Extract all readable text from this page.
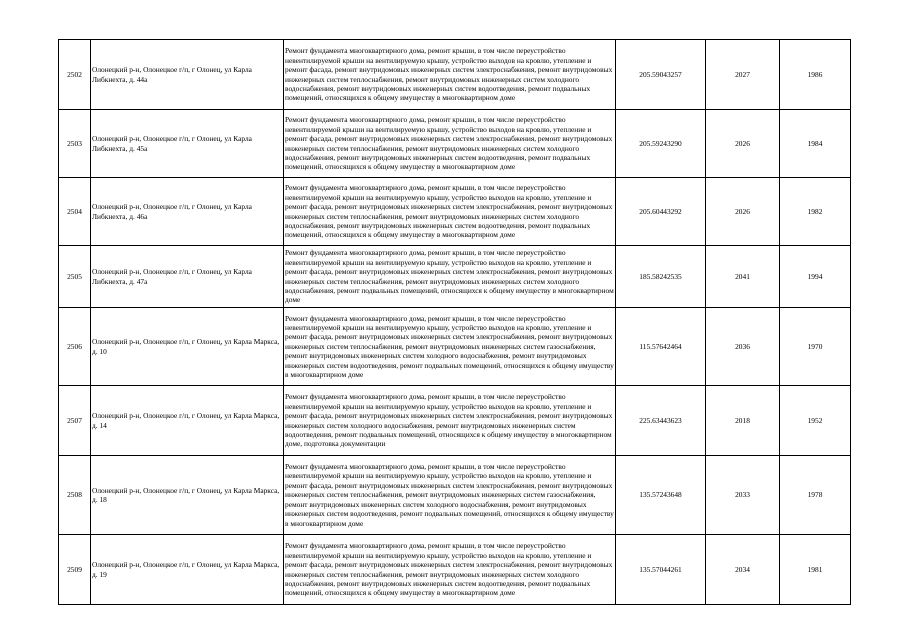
2502	Олонецкий р-н, Олонецкое г/п, г Олонец, ул Карла Либкнехта, д. 44а	Ремонт фундамента многоквартирного дома, ремонт крыши, в том числе переустройство невентилируемой крыши на вентилируемую крышу, устройство выходов на кровлю, утепление и ремонт фасада, ремонт внутридомовых инженерных систем электроснабжения, ремонт внутридомовых инженерных систем теплоснабжения, ремонт внутридомовых инженерных систем холодного водоснабжения, ремонт внутридомовых инженерных систем водоотведения, ремонт подвальных помещений, относящихся к общему имуществу в многоквартирном доме	205.59043257	2027	1986
2503	Олонецкий р-н, Олонецкое г/п, г Олонец, ул Карла Либкнехта, д. 45а	Ремонт фундамента многоквартирного дома, ремонт крыши, в том числе переустройство невентилируемой крыши на вентилируемую крышу, устройство выходов на кровлю, утепление и ремонт фасада, ремонт внутридомовых инженерных систем электроснабжения, ремонт внутридомовых инженерных систем теплоснабжения, ремонт внутридомовых инженерных систем холодного водоснабжения, ремонт внутридомовых инженерных систем водоотведения, ремонт подвальных помещений, относящихся к общему имуществу в многоквартирном доме	205.59243290	2026	1984
2504	Олонецкий р-н, Олонецкое г/п, г Олонец, ул Карла Либкнехта, д. 46а	Ремонт фундамента многоквартирного дома, ремонт крыши, в том числе переустройство невентилируемой крыши на вентилируемую крышу, устройство выходов на кровлю, утепление и ремонт фасада, ремонт внутридомовых инженерных систем электроснабжения, ремонт внутридомовых инженерных систем теплоснабжения, ремонт внутридомовых инженерных систем холодного водоснабжения, ремонт внутридомовых инженерных систем водоотведения, ремонт подвальных помещений, относящихся к общему имуществу в многоквартирном доме	205.60443292	2026	1982
2505	Олонецкий р-н, Олонецкое г/п, г Олонец, ул Карла Либкнехта, д. 47а	Ремонт фундамента многоквартирного дома, ремонт крыши, в том числе переустройство невентилируемой крыши на вентилируемую крышу, устройство выходов на кровлю, утепление и ремонт фасада, ремонт внутридомовых инженерных систем электроснабжения, ремонт внутридомовых инженерных систем теплоснабжения, ремонт внутридомовых инженерных систем холодного водоснабжения, ремонт подвальных помещений, относящихся к общему имуществу в многоквартирном доме	185.58242535	2041	1994
2506	Олонецкий р-н, Олонецкое г/п, г Олонец, ул Карла Маркса, д. 10	Ремонт фундамента многоквартирного дома, ремонт крыши, в том числе переустройство невентилируемой крыши на вентилируемую крышу, устройство выходов на кровлю, утепление и ремонт фасада, ремонт внутридомовых инженерных систем электроснабжения, ремонт внутридомовых инженерных систем теплоснабжения, ремонт внутридомовых инженерных систем газоснабжения, ремонт внутридомовых инженерных систем холодного водоснабжения, ремонт внутридомовых инженерных систем водоотведения, ремонт подвальных помещений, относящихся к общему имуществу в многоквартирном доме	115.57642464	2036	1970
2507	Олонецкий р-н, Олонецкое г/п, г Олонец, ул Карла Маркса, д. 14	Ремонт фундамента многоквартирного дома, ремонт крыши, в том числе переустройство невентилируемой крыши на вентилируемую крышу, устройство выходов на кровлю, утепление и ремонт фасада, ремонт внутридомовых инженерных систем электроснабжения, ремонт внутридомовых инженерных систем холодного водоснабжения, ремонт внутридомовых инженерных систем водоотведения, ремонт подвальных помещений, относящихся к общему имуществу в многоквартирном доме, подготовка документации	225.63443623	2018	1952
2508	Олонецкий р-н, Олонецкое г/п, г Олонец, ул Карла Маркса, д. 18	Ремонт фундамента многоквартирного дома, ремонт крыши, в том числе переустройство невентилируемой крыши на вентилируемую крышу, устройство выходов на кровлю, утепление и ремонт фасада, ремонт внутридомовых инженерных систем электроснабжения, ремонт внутридомовых инженерных систем теплоснабжения, ремонт внутридомовых инженерных систем газоснабжения, ремонт внутридомовых инженерных систем холодного водоснабжения, ремонт внутридомовых инженерных систем водоотведения, ремонт подвальных помещений, относящихся к общему имуществу в многоквартирном доме	135.57243648	2033	1978
2509	Олонецкий р-н, Олонецкое г/п, г Олонец, ул Карла Маркса, д. 19	Ремонт фундамента многоквартирного дома, ремонт крыши, в том числе переустройство невентилируемой крыши на вентилируемую крышу, устройство выходов на кровлю, утепление и ремонт фасада, ремонт внутридомовых инженерных систем электроснабжения, ремонт внутридомовых инженерных систем теплоснабжения, ремонт внутридомовых инженерных систем холодного водоснабжения, ремонт внутридомовых инженерных систем водоотведения, ремонт подвальных помещений, относящихся к общему имуществу в многоквартирном доме	135.57044261	2034	1981
